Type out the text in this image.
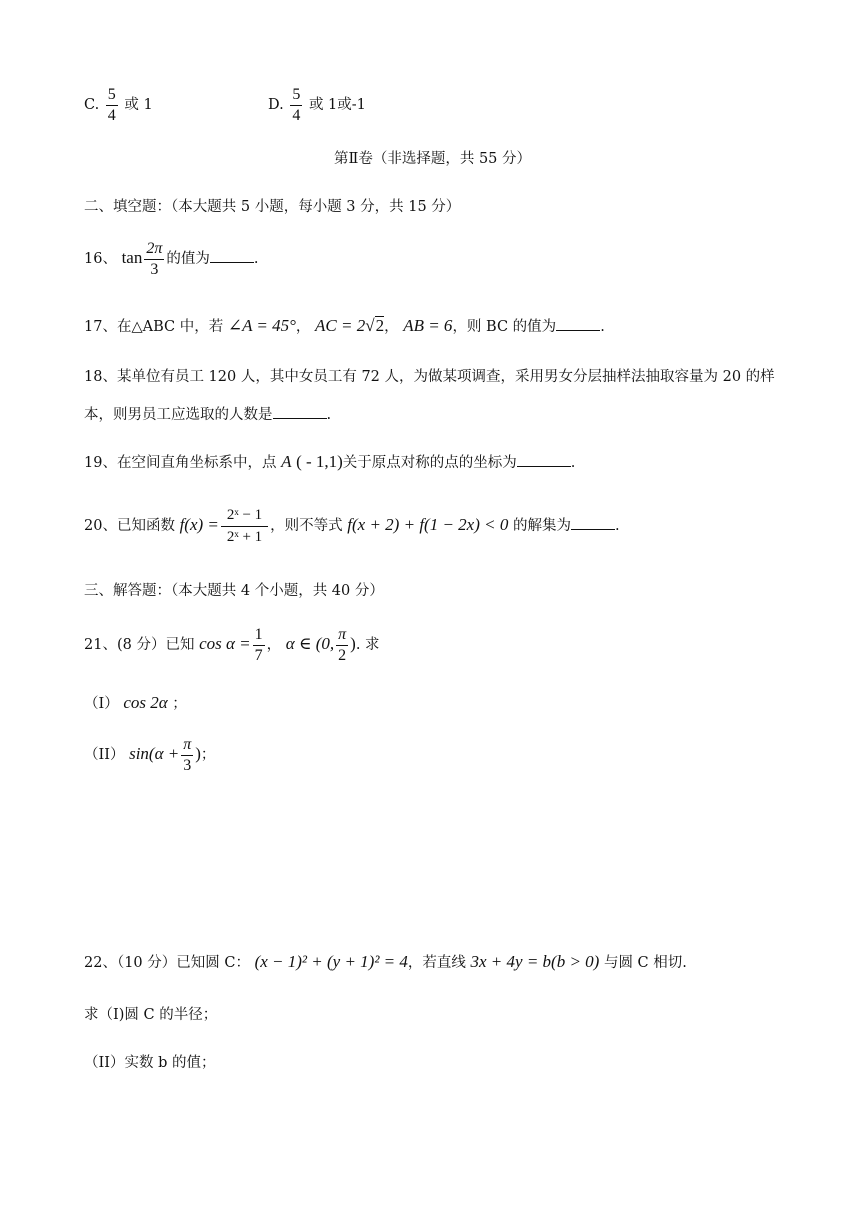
C. $\frac{5}{4}$ 或 1	D. $\frac{5}{4}$ 或 1或-1
第Ⅱ卷（非选择题，共 55 分）
二、填空题：（本大题共 5 小题，每小题 3 分，共 15 分）
16、 $\tan \frac{2\pi}{3}$ 的值为	.
17、在△ABC 中，若 ∠A = 45°， AC = 2√2， AB = 6，则 BC 的值为	.
18、某单位有员工 120 人，其中女员工有 72 人，为做某项调查，采用男女分层抽样法抽取容量为 20 的样
本，则男员工应选取的人数是	.
19、在空间直角坐标系中，点 A ( - 1,1)关于原点对称的点的坐标为	.
20、已知函数 $f(x) = \frac{\text{2ˣ − 1}}{\text{2ˣ + 1}}$ ，则不等式 f(x + 2) + f(1 − 2x) < 0 的解集为	.
三、解答题：（本大题共 4 个小题，共 40 分）
21、(8 分）已知 $\cos \alpha = \frac{1}{7}$ ， α ∈ (0, $\frac{\pi}{2}$ ). 求
（I） cos 2α ；
（II） $\sin(\alpha + \frac{\pi}{3}$ )；
22、（10 分）已知圆 C： (x − 1)² + (y + 1)² = 4，若直线 3x + 4y = b(b > 0) 与圆 C 相切.
求（I)圆 C 的半径；
（II）实数 b 的值；
